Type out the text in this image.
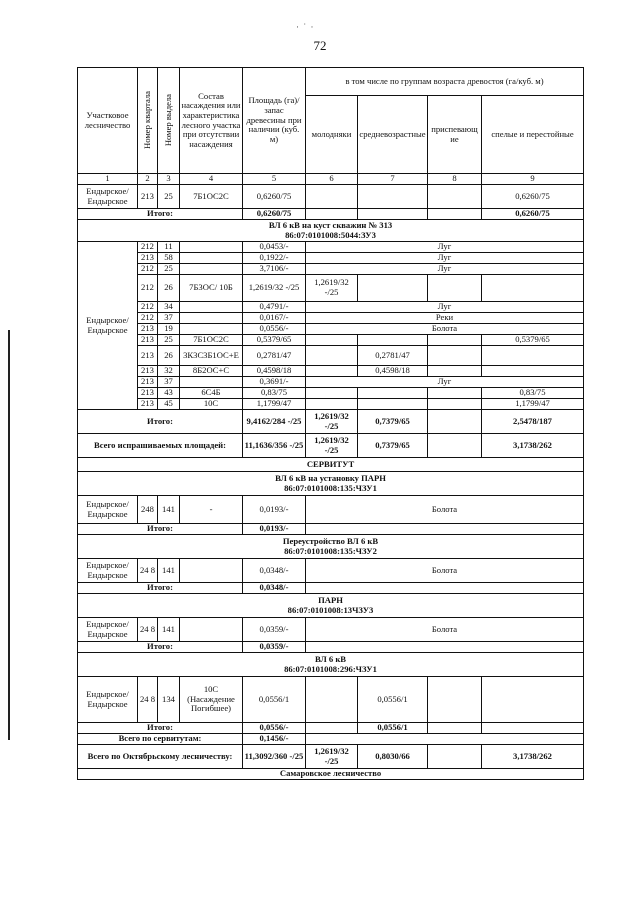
· ˙ ·
72
Участковое лесничество	Номер квартала	Номер выдела	Состав насаждения или характеристика лесного участка при отсутствии насаждения	Площадь (га)/запас древесины при наличии (куб. м)	в том числе по группам возраста древостоя (га/куб. м)			
					молодняки	средневозрастные	приспевающие	спелые и перестойные
1	2	3	4	5	6	7	8	9
Ендырское/ Ендырское	213	25	7Б1ОС2С	0,6260/75				0,6260/75
Итого:				0,6260/75				0,6260/75

ВЛ 6 кВ на куст скважин № 313
86:07:0101008:5044:ЗУ3								

Ендырское/ Ендырское	212	11		0,0453/-	Луг			
	213	58		0,1922/-	Луг			
	212	25		3,7106/-	Луг			
	212	26	7Б3ОС/ 10Б	1,2619/32 -/25	1,2619/32 -/25			
	212	34		0,4791/-	Луг			
	212	37		0,0167/-	Реки			
	213	19		0,0556/-	Болота			
	213	25	7Б1ОС2С	0,5379/65				0,5379/65
	213	26	3К3С3Б1ОС+Е	0,2781/47		0,2781/47		
	213	32	8Б2ОС+С	0,4598/18		0,4598/18		
	213	37		0,3691/-	Луг			
	213	43	6С4Б	0,83/75				0,83/75
	213	45	10С	1,1799/47				1,1799/47
Итого:				9,4162/284 -/25	1,2619/32 -/25	0,7379/65		2,5478/187
Всего испрашиваемых площадей:				11,1636/356 -/25	1,2619/32 -/25	0,7379/65		3,1738/262
СЕРВИТУТ								

ВЛ 6 кВ на установку ПАРН
86:07:0101008:135:ЧЗУ1								

Ендырское/ Ендырское	248	141	-	0,0193/-	Болота			
Итого:				0,0193/-				

Переустройство ВЛ 6 кВ
86:07:0101008:135:ЧЗУ2								

Ендырское/ Ендырское	24 8	141		0,0348/-	Болота			
Итого:				0,0348/-				

ПАРН
86:07:0101008:13ЧЗУ3								

Ендырское/ Ендырское	24 8	141		0,0359/-	Болота			
Итого:				0,0359/-				

ВЛ 6 кВ
86:07:0101008:296:ЧЗУ1								

Ендырское/ Ендырское	24 8	134	10С (Насаждение Погибшее)	0,0556/1		0,0556/1		
Итого:				0,0556/-		0,0556/1		
Всего по сервитутам:				0,1456/-				
Всего по Октябрьскому лесничеству:				11,3092/360 -/25	1,2619/32 -/25	0,8030/66		3,1738/262
Самаровское лесничество								
